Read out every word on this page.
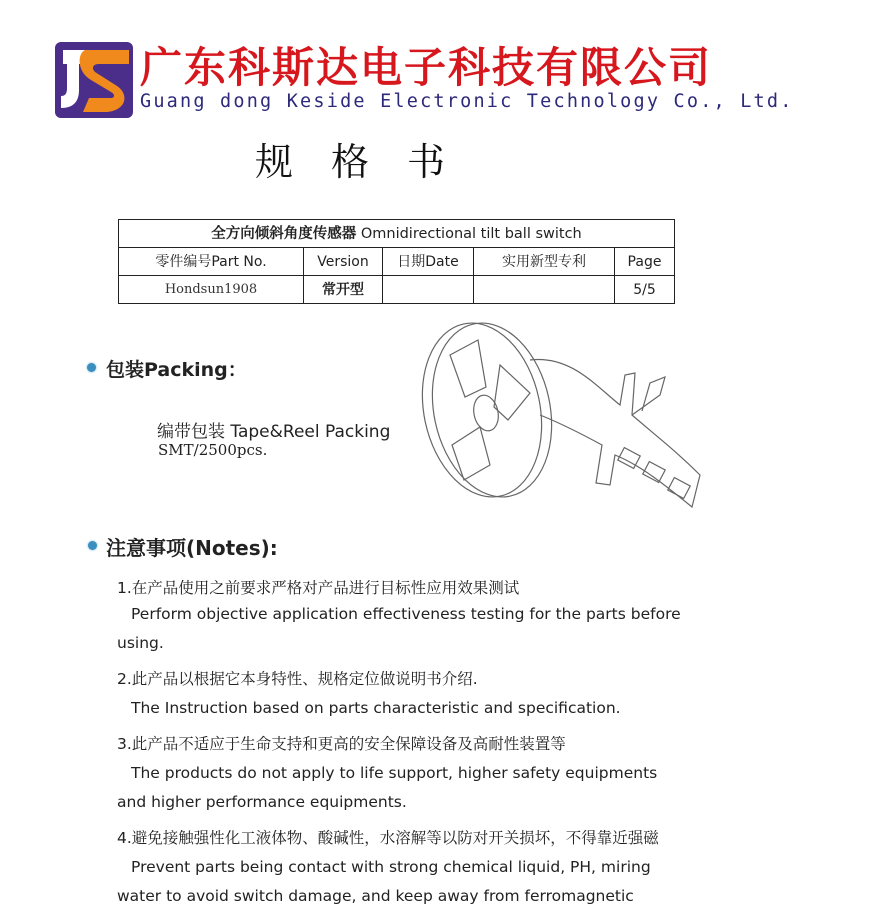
广东科斯达电子科技有限公司
Guang dong Keside Electronic Technology Co., Ltd.
规格书
全方向倾斜角度传感器 Omnidirectional tilt ball switch				
零件编号Part No.	Version	日期Date	实用新型专利	Page
Hondsun1908	常开型			5/5
包装Packing：
编带包装 Tape&Reel Packing
SMT/2500pcs.
注意事项(Notes):
1.在产品使用之前要求严格对产品进行目标性应用效果测试
Perform objective application effectiveness testing for the parts before
using.
2.此产品以根据它本身特性、规格定位做说明书介绍.
The Instruction based on parts characteristic and specification.
3.此产品不适应于生命支持和更高的安全保障设备及高耐性装置等
The products do not apply to life support, higher safety equipments
and higher performance equipments.
4.避免接触强性化工液体物、酸碱性，水溶解等以防对开关损坏，不得靠近强磁
Prevent parts being contact with strong chemical liquid, PH, miring
water to avoid switch damage, and keep away from ferromagnetic
